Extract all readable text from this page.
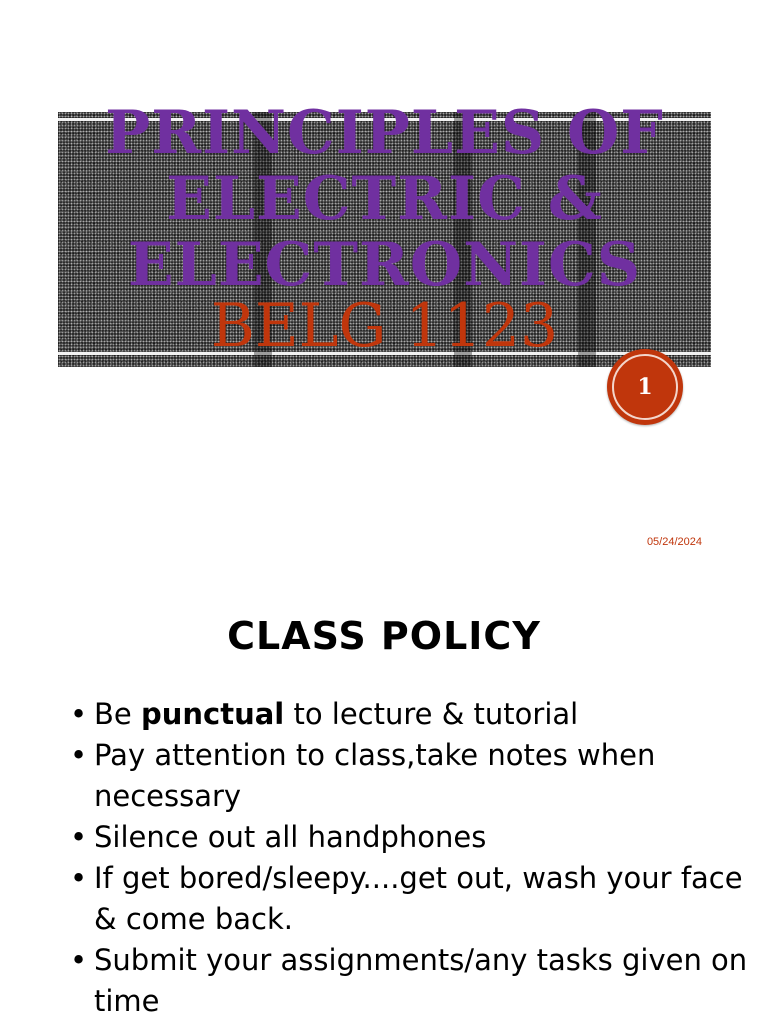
PRINCIPLES OF ELECTRIC & ELECTRONICS
BELG 1123
1
05/24/2024
CLASS POLICY
• Be punctual to lecture & tutorial
• Pay attention to class,take notes when necessary
• Silence out all handphones
• If get bored/sleepy....get out, wash your face & come back.
• Submit your assignments/any tasks given on time
